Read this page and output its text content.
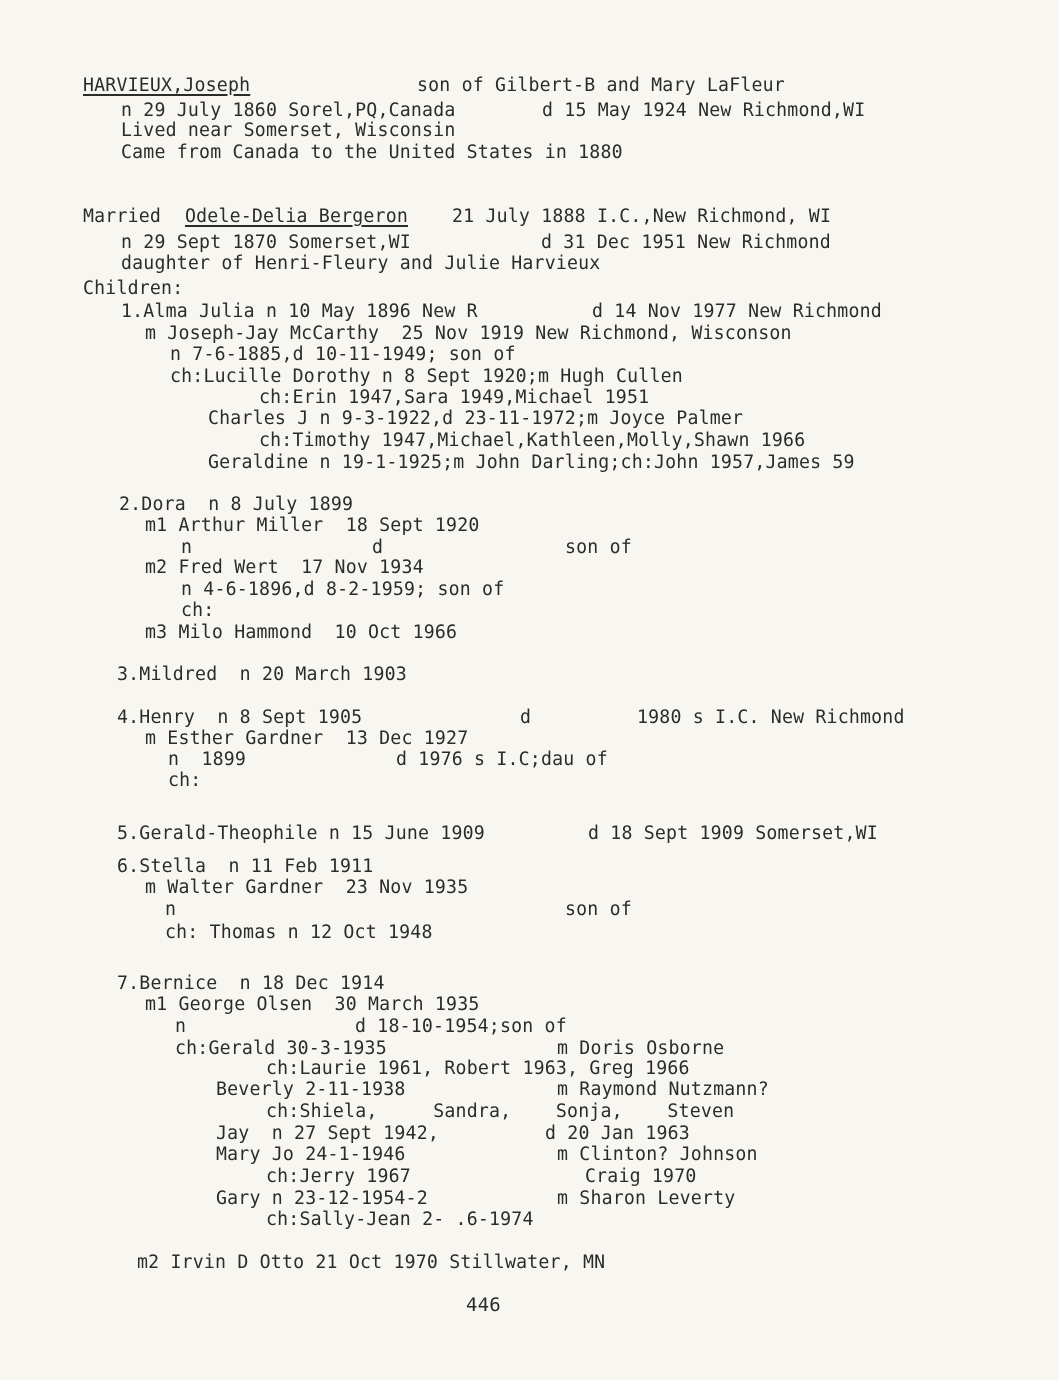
HARVIEUX,Joseph	son of Gilbert-B and Mary LaFleur
n 29 July 1860 Sorel,PQ,Canada	d 15 May 1924 New Richmond,WI
Lived near Somerset, Wisconsin
Came from Canada to the United States in 1880
Married Odele-Delia Bergeron 21 July 1888 I.C.,New Richmond, WI
n 29 Sept 1870 Somerset,WI	d 31 Dec 1951 New Richmond
daughter of Henri-Fleury and Julie Harvieux
Children:
1.Alma Julia n 10 May 1896 New R	d 14 Nov 1977 New Richmond
m Joseph-Jay McCarthy  25 Nov 1919 New Richmond, Wisconson
n 7-6-1885,d 10-11-1949; son of
ch:Lucille Dorothy n 8 Sept 1920;m Hugh Cullen
ch:Erin 1947,Sara 1949,Michael 1951
Charles J n 9-3-1922,d 23-11-1972;m Joyce Palmer
ch:Timothy 1947,Michael,Kathleen,Molly,Shawn 1966
Geraldine n 19-1-1925;m John Darling;ch:John 1957,James 59
2.Dora  n 8 July 1899
m1 Arthur Miller  18 Sept 1920
n	d	son of
m2 Fred Wert  17 Nov 1934
n 4-6-1896,d 8-2-1959; son of
ch:
m3 Milo Hammond  10 Oct 1966
3.Mildred  n 20 March 1903
4.Henry  n 8 Sept 1905	d	1980 s I.C. New Richmond
m Esther Gardner  13 Dec 1927
n  1899	d 1976 s I.C;dau of
ch:
5.Gerald-Theophile n 15 June 1909	d 18 Sept 1909 Somerset,WI
6.Stella  n 11 Feb 1911
m Walter Gardner  23 Nov 1935
n	son of
ch: Thomas n 12 Oct 1948
7.Bernice  n 18 Dec 1914
m1 George Olsen  30 March 1935
n	d 18-10-1954;son of
ch:Gerald 30-3-1935	m Doris Osborne
ch:Laurie 1961, Robert 1963, Greg 1966
Beverly 2-11-1938	m Raymond Nutzmann?
ch:Shiela,     Sandra,    Sonja,    Steven
Jay  n 27 Sept 1942,	d 20 Jan 1963
Mary Jo 24-1-1946	m Clinton? Johnson
ch:Jerry 1967	Craig 1970
Gary n 23-12-1954-2	m Sharon Leverty
ch:Sally-Jean 2- .6-1974
m2 Irvin D Otto 21 Oct 1970 Stillwater, MN
446
